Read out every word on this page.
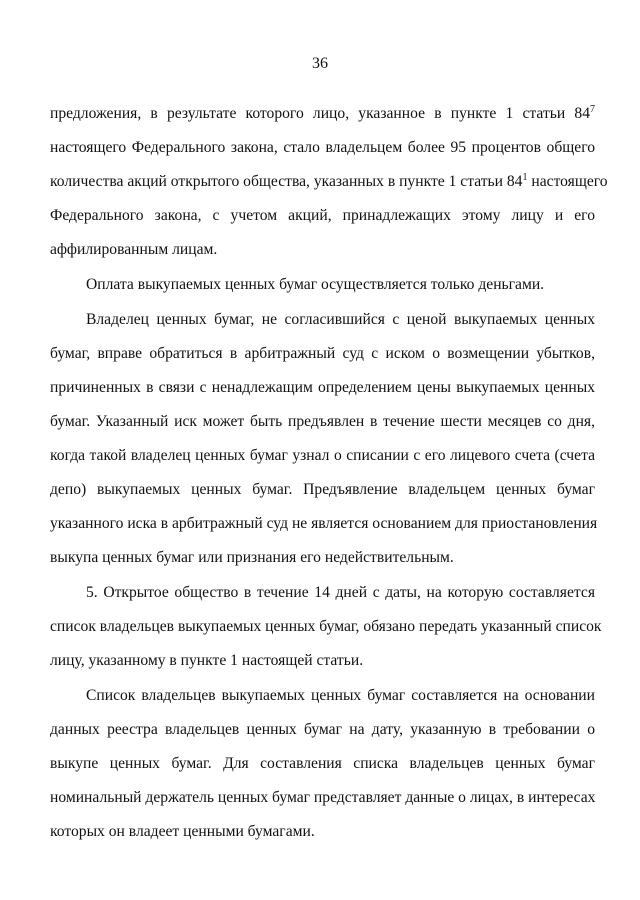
36
предложения, в результате которого лицо, указанное в пункте 1 статьи $84^7$
настоящего Федерального закона, стало владельцем более 95 процентов общего
количества акций открытого общества, указанных в пункте 1 статьи $84^1$ настоящего
Федерального закона, с учетом акций, принадлежащих этому лицу и его
аффилированным лицам.
Оплата выкупаемых ценных бумаг осуществляется только деньгами.
Владелец ценных бумаг, не согласившийся с ценой выкупаемых ценных
бумаг, вправе обратиться в арбитражный суд с иском о возмещении убытков,
причиненных в связи с ненадлежащим определением цены выкупаемых ценных
бумаг. Указанный иск может быть предъявлен в течение шести месяцев со дня,
когда такой владелец ценных бумаг узнал о списании с его лицевого счета (счета
депо) выкупаемых ценных бумаг. Предъявление владельцем ценных бумаг
указанного иска в арбитражный суд не является основанием для приостановления
выкупа ценных бумаг или признания его недействительным.
5. Открытое общество в течение 14 дней с даты, на которую составляется
список владельцев выкупаемых ценных бумаг, обязано передать указанный список
лицу, указанному в пункте 1 настоящей статьи.
Список владельцев выкупаемых ценных бумаг составляется на основании
данных реестра владельцев ценных бумаг на дату, указанную в требовании о
выкупе ценных бумаг. Для составления списка владельцев ценных бумаг
номинальный держатель ценных бумаг представляет данные о лицах, в интересах
которых он владеет ценными бумагами.
